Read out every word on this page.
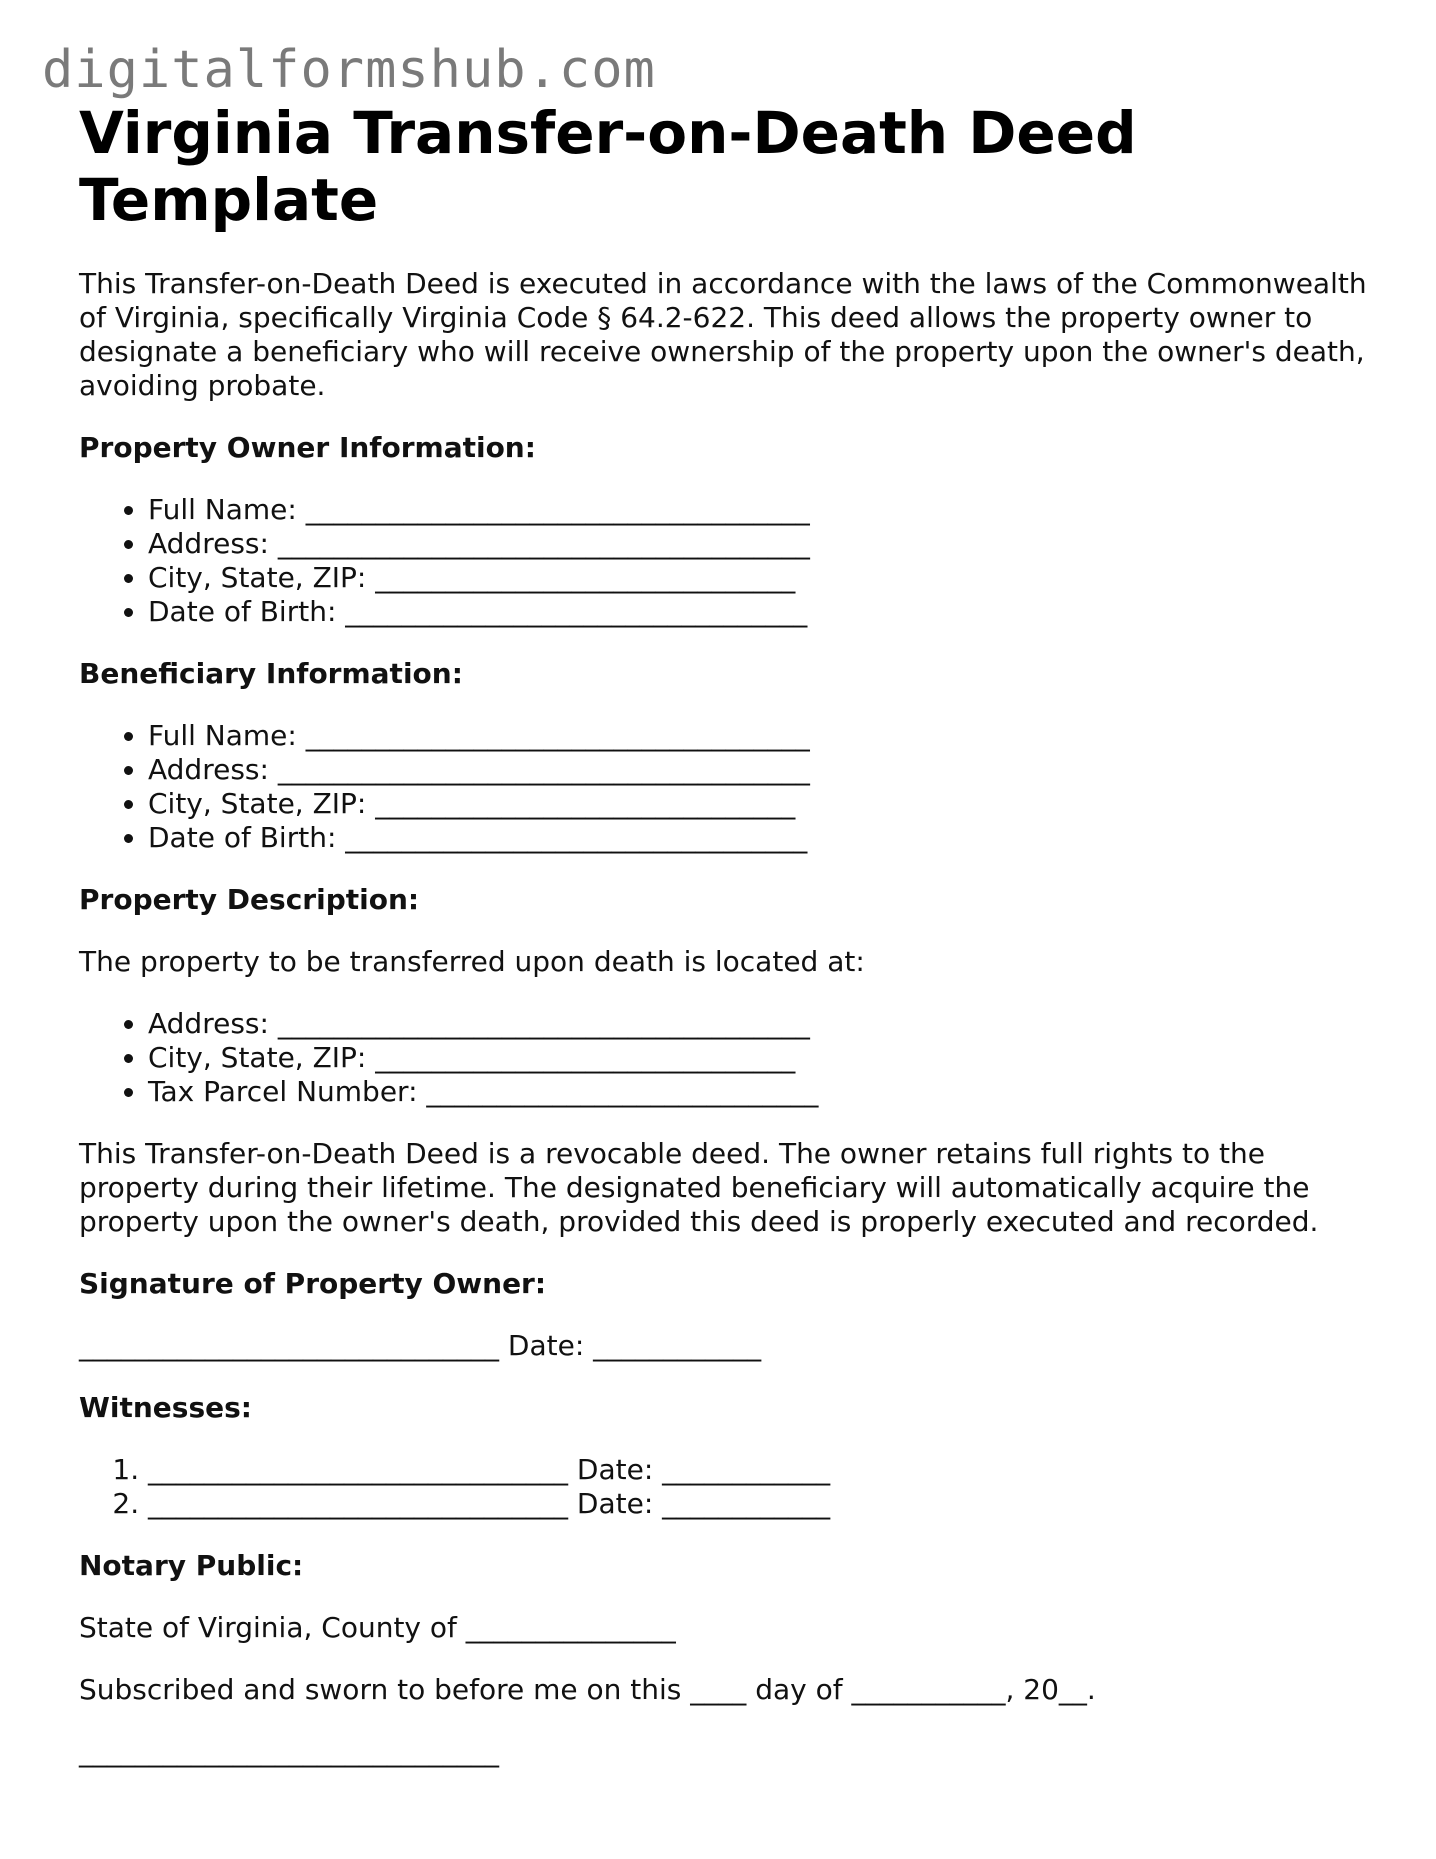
digitalformshub.com
Virginia Transfer-on-Death Deed Template

This Transfer-on-Death Deed is executed in accordance with the laws of the Commonwealth of Virginia, specifically Virginia Code § 64.2-622. This deed allows the property owner to designate a beneficiary who will receive ownership of the property upon the owner's death, avoiding probate.

Property Owner Information:
• Full Name: ____________________________________
• Address: ______________________________________
• City, State, ZIP: ______________________________
• Date of Birth: _________________________________
Beneficiary Information:
• Full Name: ____________________________________
• Address: ______________________________________
• City, State, ZIP: ______________________________
• Date of Birth: _________________________________
Property Description:

The property to be transferred upon death is located at:

• Address: ______________________________________
• City, State, ZIP: ______________________________
• Tax Parcel Number: ____________________________

This Transfer-on-Death Deed is a revocable deed. The owner retains full rights to the property during their lifetime. The designated beneficiary will automatically acquire the property upon the owner's death, provided this deed is properly executed and recorded.

Signature of Property Owner:

______________________________ Date: ____________

Witnesses:
1. ______________________________ Date: ____________
2. ______________________________ Date: ____________
Notary Public:

State of Virginia, County of _______________

Subscribed and sworn to before me on this ____ day of ___________, 20__.

______________________________
